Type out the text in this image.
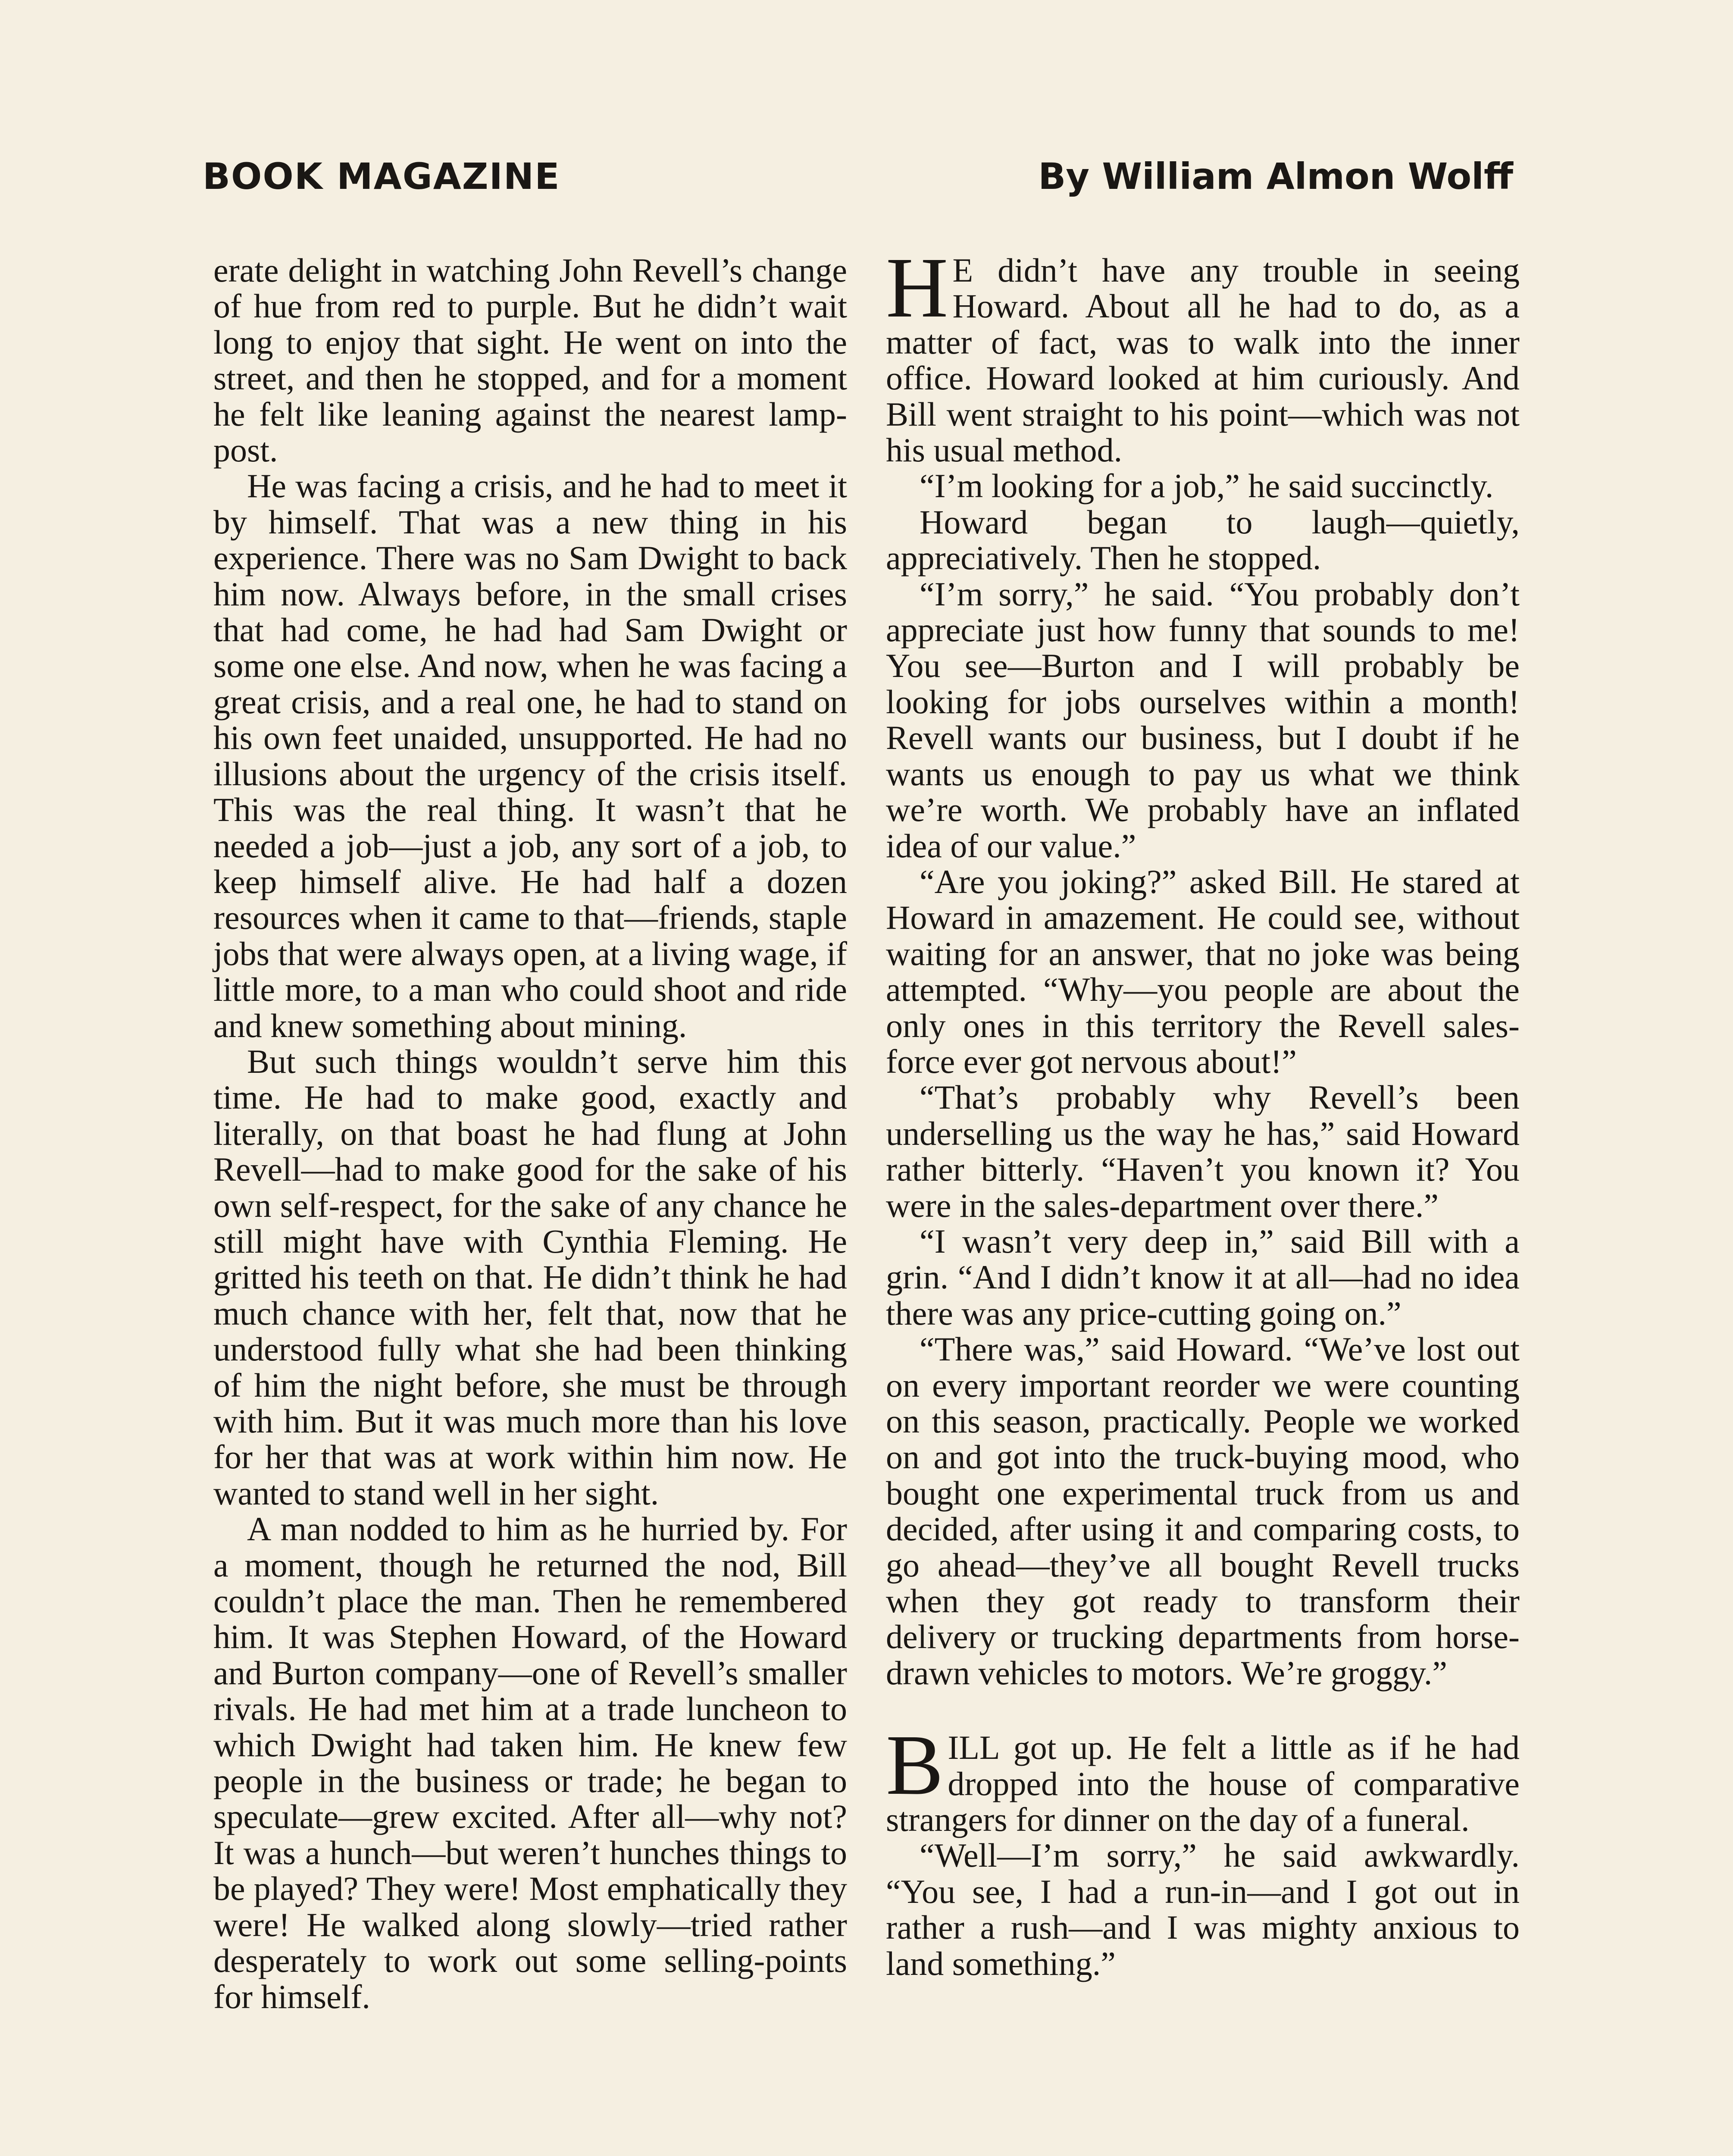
BOOK MAGAZINE	By William Almon Wolff

erate delight in watching John Revell’s change of hue from red to purple. But he didn’t wait long to enjoy that sight. He went on into the street, and then he stopped, and for a moment he felt like leaning against the nearest lamp-post.

He was facing a crisis, and he had to meet it by himself. That was a new thing in his experience. There was no Sam Dwight to back him now. Always before, in the small crises that had come, he had had Sam Dwight or some one else. And now, when he was facing a great crisis, and a real one, he had to stand on his own feet unaided, unsupported. He had no illusions about the urgency of the crisis itself. This was the real thing. It wasn’t that he needed a job—just a job, any sort of a job, to keep himself alive. He had half a dozen resources when it came to that—friends, staple jobs that were always open, at a living wage, if little more, to a man who could shoot and ride and knew something about mining.

But such things wouldn’t serve him this time. He had to make good, exactly and literally, on that boast he had flung at John Revell—had to make good for the sake of his own self-respect, for the sake of any chance he still might have with Cynthia Fleming. He gritted his teeth on that. He didn’t think he had much chance with her, felt that, now that he understood fully what she had been thinking of him the night before, she must be through with him. But it was much more than his love for her that was at work within him now. He wanted to stand well in her sight.

A man nodded to him as he hurried by. For a moment, though he returned the nod, Bill couldn’t place the man. Then he remembered him. It was Stephen Howard, of the Howard and Burton company—one of Revell’s smaller rivals. He had met him at a trade luncheon to which Dwight had taken him. He knew few people in the business or trade; he began to speculate—grew excited. After all—why not? It was a hunch—but weren’t hunches things to be played? They were! Most emphatically they were! He walked along slowly—tried rather desperately to work out some selling-points for himself.

H E didn’t have any trouble in seeing Howard. About all he had to do, as a matter of fact, was to walk into the inner office. Howard looked at him curiously. And Bill went straight to his point—which was not his usual method.

“I’m looking for a job,” he said succinctly.

Howard began to laugh—quietly, appreciatively. Then he stopped.

“I’m sorry,” he said. “You probably don’t appreciate just how funny that sounds to me! You see—Burton and I will probably be looking for jobs ourselves within a month! Revell wants our business, but I doubt if he wants us enough to pay us what we think we’re worth. We probably have an inflated idea of our value.”

“Are you joking?” asked Bill. He stared at Howard in amazement. He could see, without waiting for an answer, that no joke was being attempted. “Why—you people are about the only ones in this territory the Revell sales-force ever got nervous about!”

“That’s probably why Revell’s been underselling us the way he has,” said Howard rather bitterly. “Haven’t you known it? You were in the sales-department over there.”

“I wasn’t very deep in,” said Bill with a grin. “And I didn’t know it at all—had no idea there was any price-cutting going on.”

“There was,” said Howard. “We’ve lost out on every important reorder we were counting on this season, practically. People we worked on and got into the truck-buying mood, who bought one experimental truck from us and decided, after using it and comparing costs, to go ahead—they’ve all bought Revell trucks when they got ready to transform their delivery or trucking departments from horse-drawn vehicles to motors. We’re groggy.”

BILL got up. He felt a little as if he had dropped into the house of comparative strangers for dinner on the day of a funeral.

“Well—I’m sorry,” he said awkwardly. “You see, I had a run-in—and I got out in rather a rush—and I was mighty anxious to land something.”
